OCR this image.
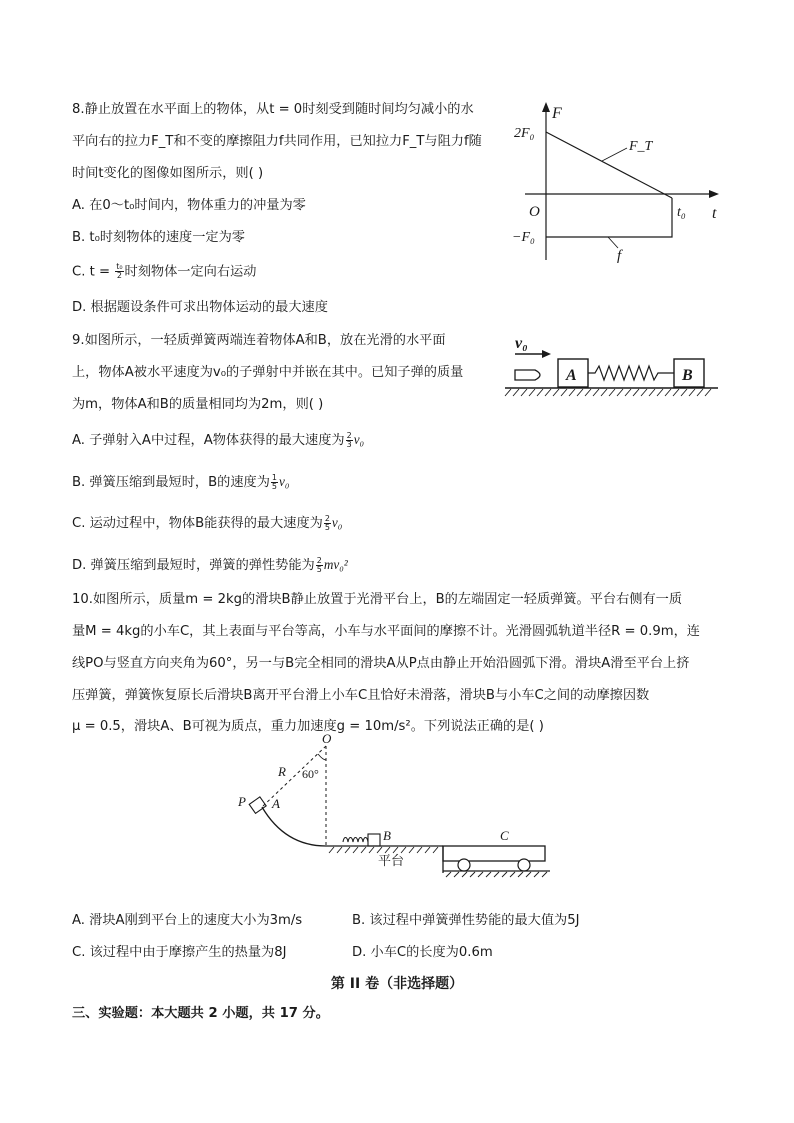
8.静止放置在水平面上的物体，从t = 0时刻受到随时间均匀减小的水
平向右的拉力F_T和不变的摩擦阻力f共同作用，已知拉力F_T与阻力f随
时间t变化的图像如图所示，则( )
A. 在0～t₀时间内，物体重力的冲量为零
B. t₀时刻物体的速度一定为零
C. $t = \frac{\text{t₀}}{2}$ 时刻物体一定向右运动
D. 根据题设条件可求出物体运动的最大速度
F
t
O
2F₀
−F₀
t₀
F_T
f
9.如图所示，一轻质弹簧两端连着物体A和B，放在光滑的水平面
上，物体A被水平速度为v₀的子弹射中并嵌在其中。已知子弹的质量
为m，物体A和B的质量相同均为2m，则( )
A. 子弹射入A中过程，A物体获得的最大速度为 $\frac{2}{3} v_0$
B. 弹簧压缩到最短时，B的速度为 $\frac{1}{5} v_0$
C. 运动过程中，物体B能获得的最大速度为 $\frac{2}{5} v_0$
D. 弹簧压缩到最短时，弹簧的弹性势能为 $\frac{2}{5} mv_0^2$
v₀
A	B
10.如图所示，质量m = 2kg的滑块B静止放置于光滑平台上，B的左端固定一轻质弹簧。平台右侧有一质
量M = 4kg的小车C，其上表面与平台等高，小车与水平面间的摩擦不计。光滑圆弧轨道半径R = 0.9m，连
线PO与竖直方向夹角为60°，另一与B完全相同的滑块A从P点由静止开始沿圆弧下滑。滑块A滑至平台上挤
压弹簧，弹簧恢复原长后滑块B离开平台滑上小车C且恰好未滑落，滑块B与小车C之间的动摩擦因数
μ = 0.5，滑块A、B可视为质点，重力加速度g = 10m/s²。下列说法正确的是( )
O
R 60°
P A
B	C
平台
A. 滑块A刚到平台上的速度大小为3m/s	B. 该过程中弹簧弹性势能的最大值为5J
C. 该过程中由于摩擦产生的热量为8J	D. 小车C的长度为0.6m
第 II 卷（非选择题）
三、实验题：本大题共 2 小题，共 17 分。
